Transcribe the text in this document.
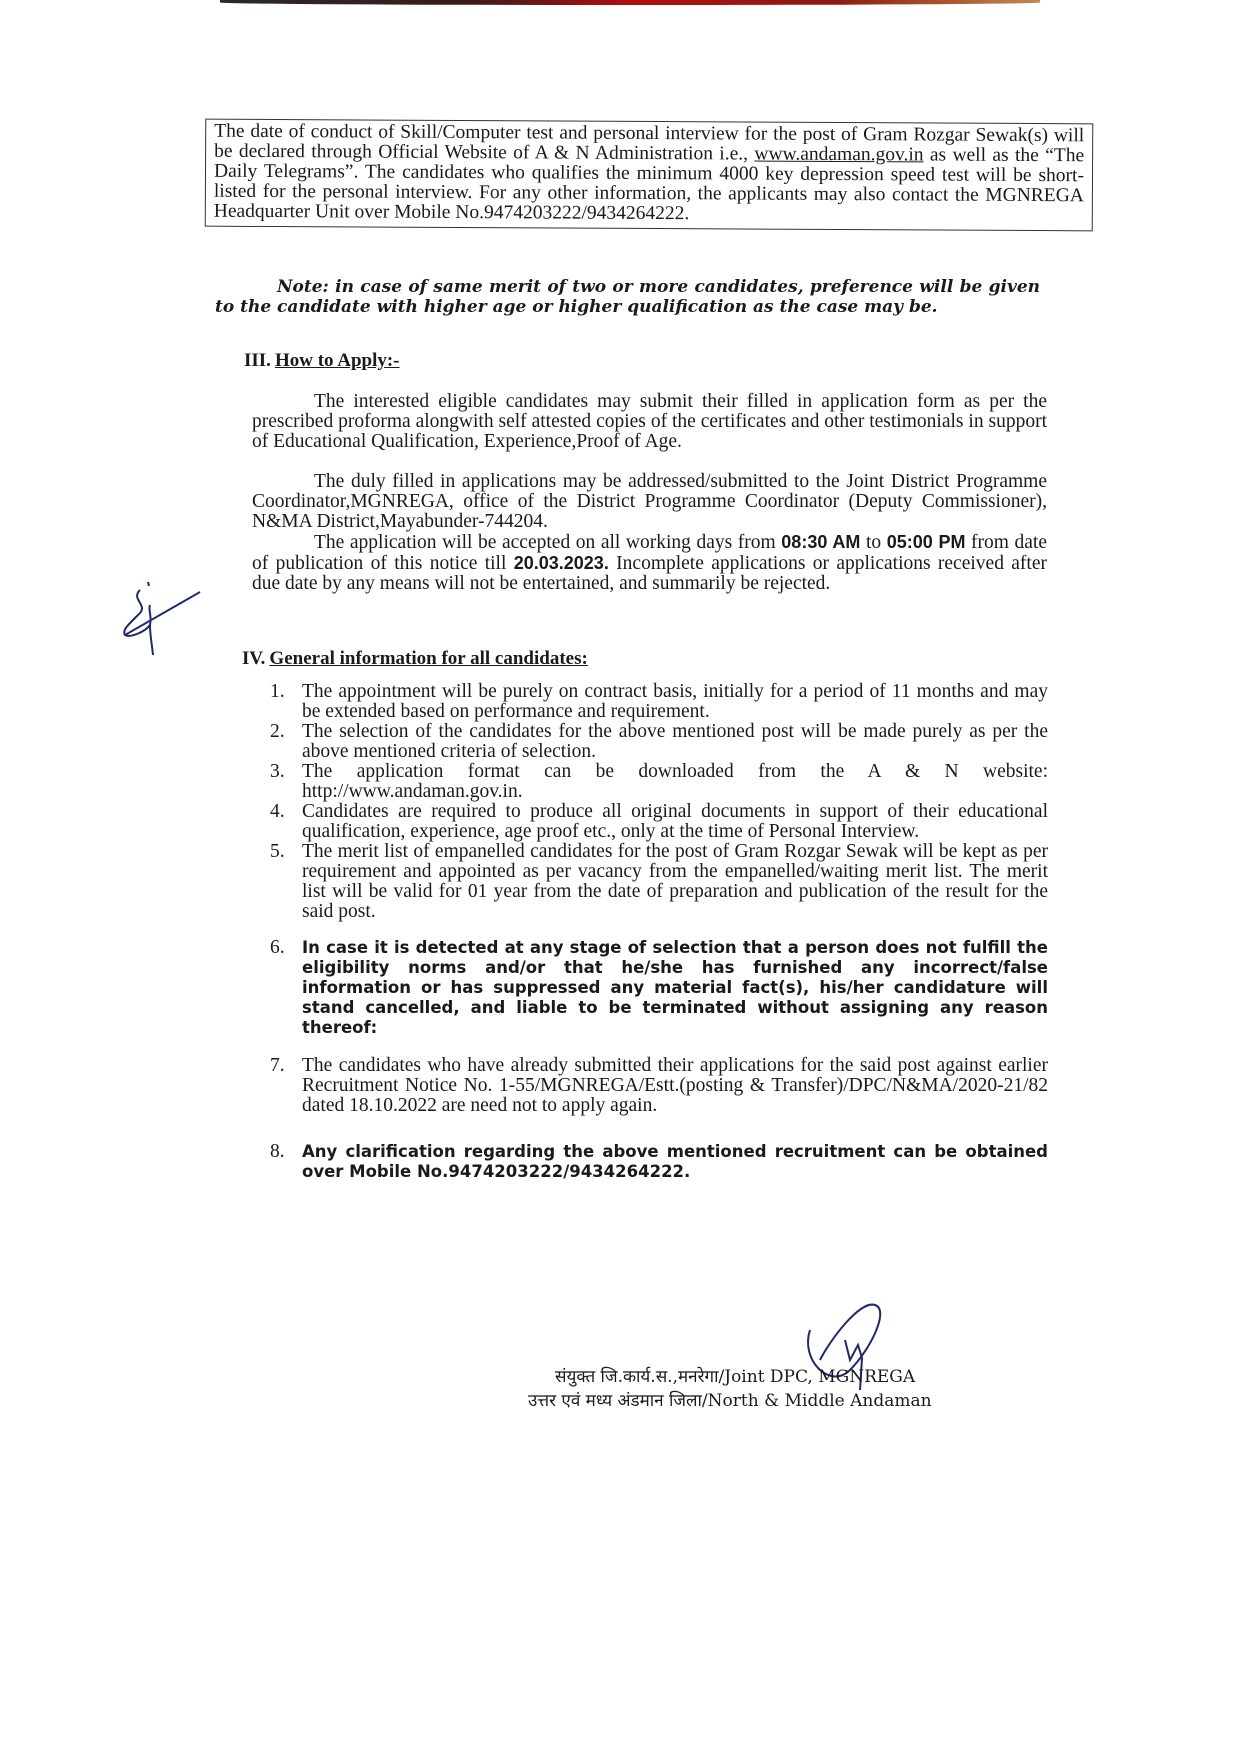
The date of conduct of Skill/Computer test and personal interview for the post of Gram Rozgar Sewak(s) will be declared through Official Website of A & N Administration i.e., www.andaman.gov.in as well as the “The Daily Telegrams”. The candidates who qualifies the minimum 4000 key depression speed test will be short-listed for the personal interview. For any other information, the applicants may also contact the MGNREGA Headquarter Unit over Mobile No.9474203222/9434264222.
Note: in case of same merit of two or more candidates, preference will be given to the candidate with higher age or higher qualification as the case may be.
III. How to Apply:-
The interested eligible candidates may submit their filled in application form as per the prescribed proforma alongwith self attested copies of the certificates and other testimonials in support of Educational Qualification, Experience,Proof of Age.
The duly filled in applications may be addressed/submitted to the Joint District Programme Coordinator,MGNREGA, office of the District Programme Coordinator (Deputy Commissioner), N&MA District,Mayabunder-744204.
The application will be accepted on all working days from 08:30 AM to 05:00 PM from date of publication of this notice till 20.03.2023. Incomplete applications or applications received after due date by any means will not be entertained, and summarily be rejected.
IV. General information for all candidates:
1. The appointment will be purely on contract basis, initially for a period of 11 months and may be extended based on performance and requirement.
2. The selection of the candidates for the above mentioned post will be made purely as per the above mentioned criteria of selection.
3. The application format can be downloaded from the A & N website: http://www.andaman.gov.in.
4. Candidates are required to produce all original documents in support of their educational qualification, experience, age proof etc., only at the time of Personal Interview.
5. The merit list of empanelled candidates for the post of Gram Rozgar Sewak will be kept as per requirement and appointed as per vacancy from the empanelled/waiting merit list. The merit list will be valid for 01 year from the date of preparation and publication of the result for the said post.
6. In case it is detected at any stage of selection that a person does not fulfill the eligibility norms and/or that he/she has furnished any incorrect/false information or has suppressed any material fact(s), his/her candidature will stand cancelled, and liable to be terminated without assigning any reason thereof:
7. The candidates who have already submitted their applications for the said post against earlier Recruitment Notice No. 1-55/MGNREGA/Estt.(posting & Transfer)/DPC/N&MA/2020-21/82 dated 18.10.2022 are need not to apply again.
8. Any clarification regarding the above mentioned recruitment can be obtained over Mobile No.9474203222/9434264222.
संयुक्त जि.कार्य.स.,मनरेगा/Joint DPC, MGNREGA
उत्तर एवं मध्य अंडमान जिला/North & Middle Andaman
